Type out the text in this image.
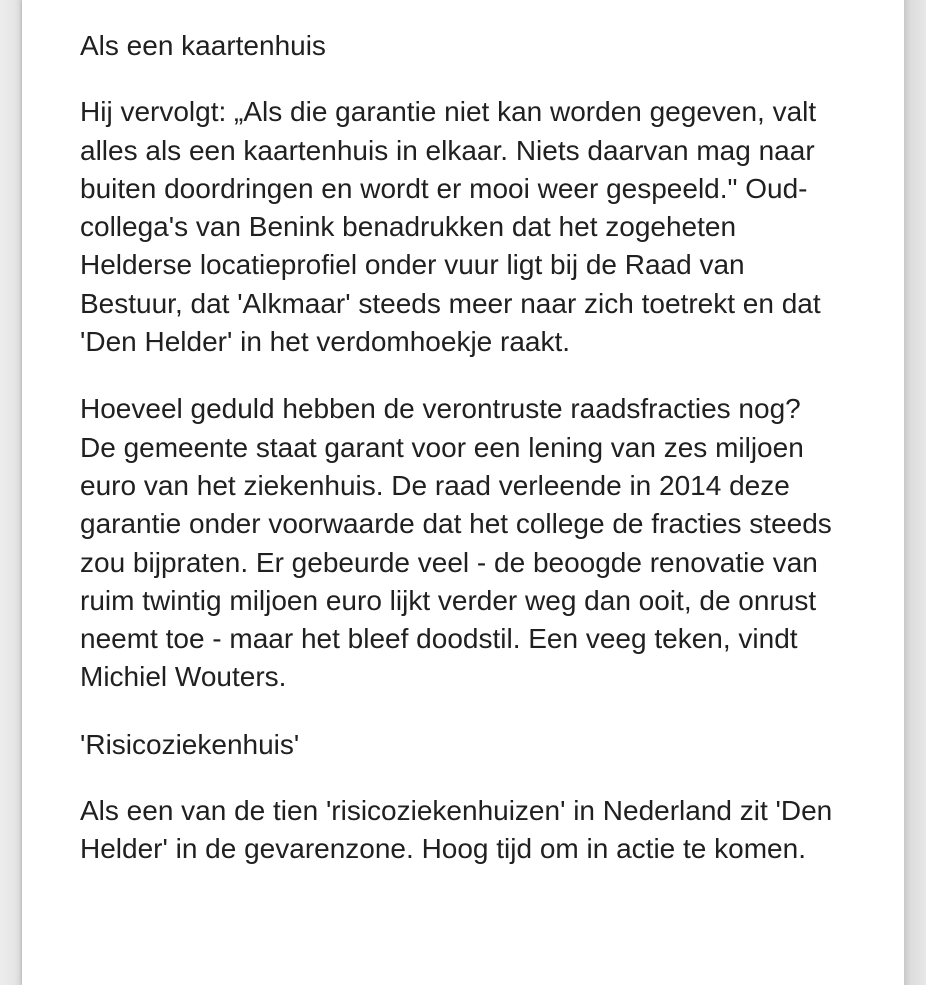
Als een kaartenhuis

Hij vervolgt: „Als die garantie niet kan worden gegeven, valt alles als een kaartenhuis in elkaar. Niets daarvan mag naar buiten doordringen en wordt er mooi weer gespeeld." Oud-collega's van Benink benadrukken dat het zogeheten Helderse locatieprofiel onder vuur ligt bij de Raad van Bestuur, dat 'Alkmaar' steeds meer naar zich toetrekt en dat 'Den Helder' in het verdomhoekje raakt.

Hoeveel geduld hebben de verontruste raadsfracties nog? De gemeente staat garant voor een lening van zes miljoen euro van het ziekenhuis. De raad verleende in 2014 deze garantie onder voorwaarde dat het college de fracties steeds zou bijpraten. Er gebeurde veel - de beoogde renovatie van ruim twintig miljoen euro lijkt verder weg dan ooit, de onrust neemt toe - maar het bleef doodstil. Een veeg teken, vindt Michiel Wouters.

'Risicoziekenhuis'

Als een van de tien 'risicoziekenhuizen' in Nederland zit 'Den Helder' in de gevarenzone. Hoog tijd om in actie te komen.
